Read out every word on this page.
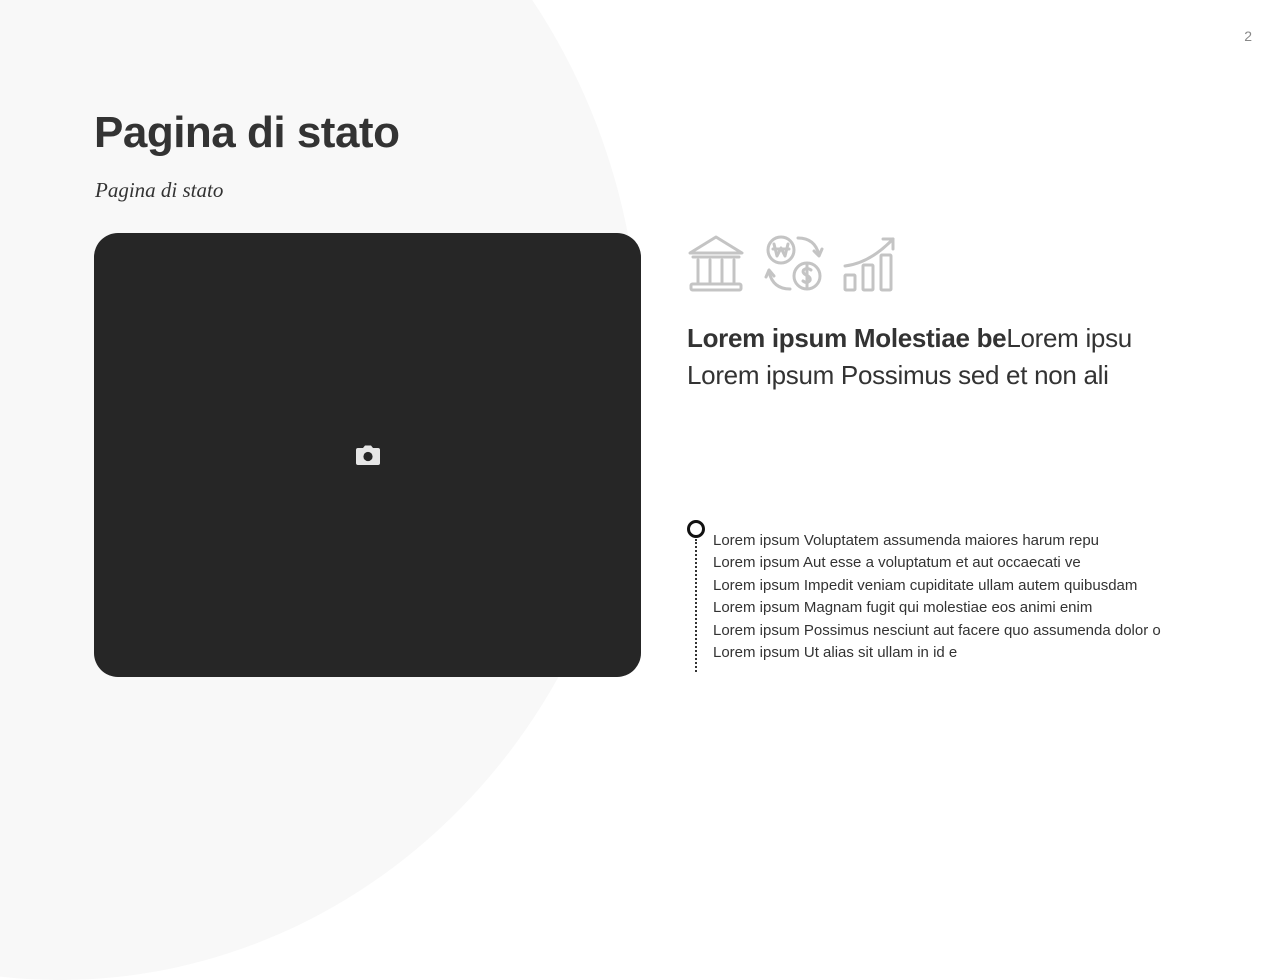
2
Pagina di stato
Pagina di stato
Lorem ipsum Molestiae beLorem ipsu
Lorem ipsum Possimus sed et non ali
Lorem ipsum Voluptatem assumenda maiores harum repu
Lorem ipsum Aut esse a voluptatum et aut occaecati ve
Lorem ipsum Impedit veniam cupiditate ullam autem quibusdam
Lorem ipsum Magnam fugit qui molestiae eos animi enim
Lorem ipsum Possimus nesciunt aut facere quo assumenda dolor o
Lorem ipsum Ut alias sit ullam in id e
